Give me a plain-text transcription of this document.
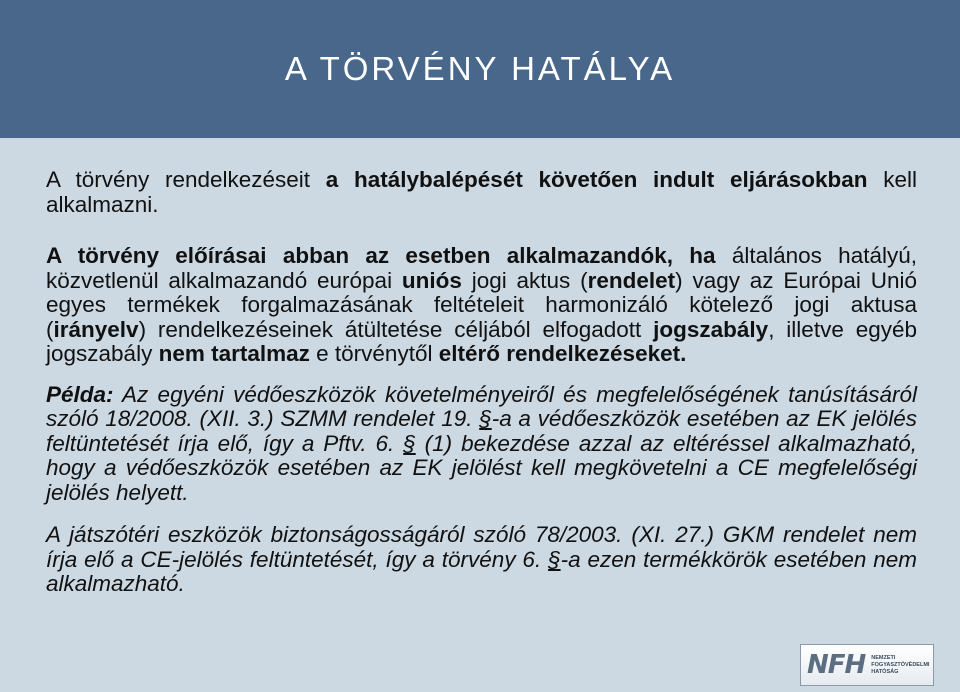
A TÖRVÉNY HATÁLYA

A törvény rendelkezéseit a hatálybalépését követően indult eljárásokban kell alkalmazni.

A törvény előírásai abban az esetben alkalmazandók, ha általános hatályú, közvetlenül alkalmazandó európai uniós jogi aktus (rendelet) vagy az Európai Unió egyes termékek forgalmazásának feltételeit harmonizáló kötelező jogi aktusa (irányelv) rendelkezéseinek átültetése céljából elfogadott jogszabály, illetve egyéb jogszabály nem tartalmaz e törvénytől eltérő rendelkezéseket.

Példa: Az egyéni védőeszközök követelményeiről és megfelelőségének tanúsításáról szóló 18/2008. (XII. 3.) SZMM rendelet 19. §-a a védőeszközök esetében az EK jelölés feltüntetését írja elő, így a Pftv. 6. § (1) bekezdése azzal az eltéréssel alkalmazható, hogy a védőeszközök esetében az EK jelölést kell megkövetelni a CE megfelelőségi jelölés helyett.

A játszótéri eszközök biztonságosságáról szóló 78/2003. (XI. 27.) GKM rendelet nem írja elő a CE-jelölés feltüntetését, így a törvény 6. §-a ezen termékkörök esetében nem alkalmazható.

NFH NEMZETI
FOGYASZTÓVÉDELMI
HATÓSÁG
